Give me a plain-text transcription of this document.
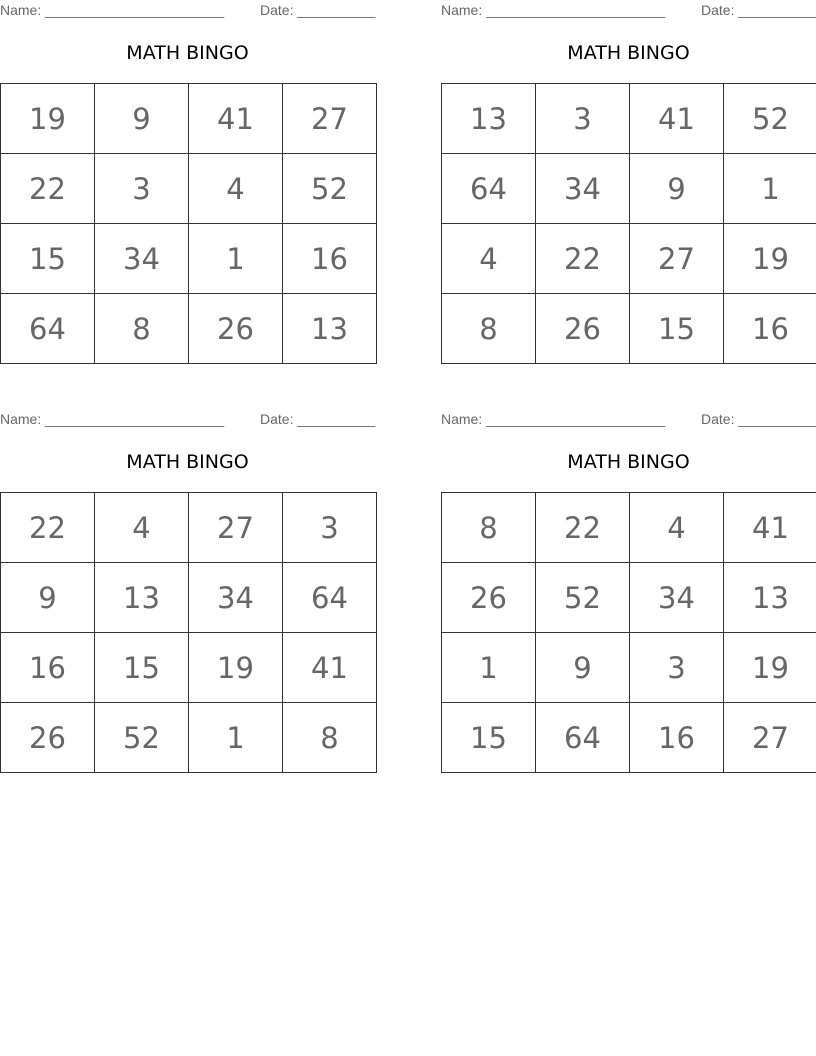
Name: _______________________	Date: __________
MATH BINGO
19	9	41	27
22	3	4	52
15	34	1	16
64	8	26	13
Name: _______________________	Date: __________
MATH BINGO
13	3	41	52
64	34	9	1
4	22	27	19
8	26	15	16
Name: _______________________	Date: __________
MATH BINGO
22	4	27	3
9	13	34	64
16	15	19	41
26	52	1	8
Name: _______________________	Date: __________
MATH BINGO
8	22	4	41
26	52	34	13
1	9	3	19
15	64	16	27
